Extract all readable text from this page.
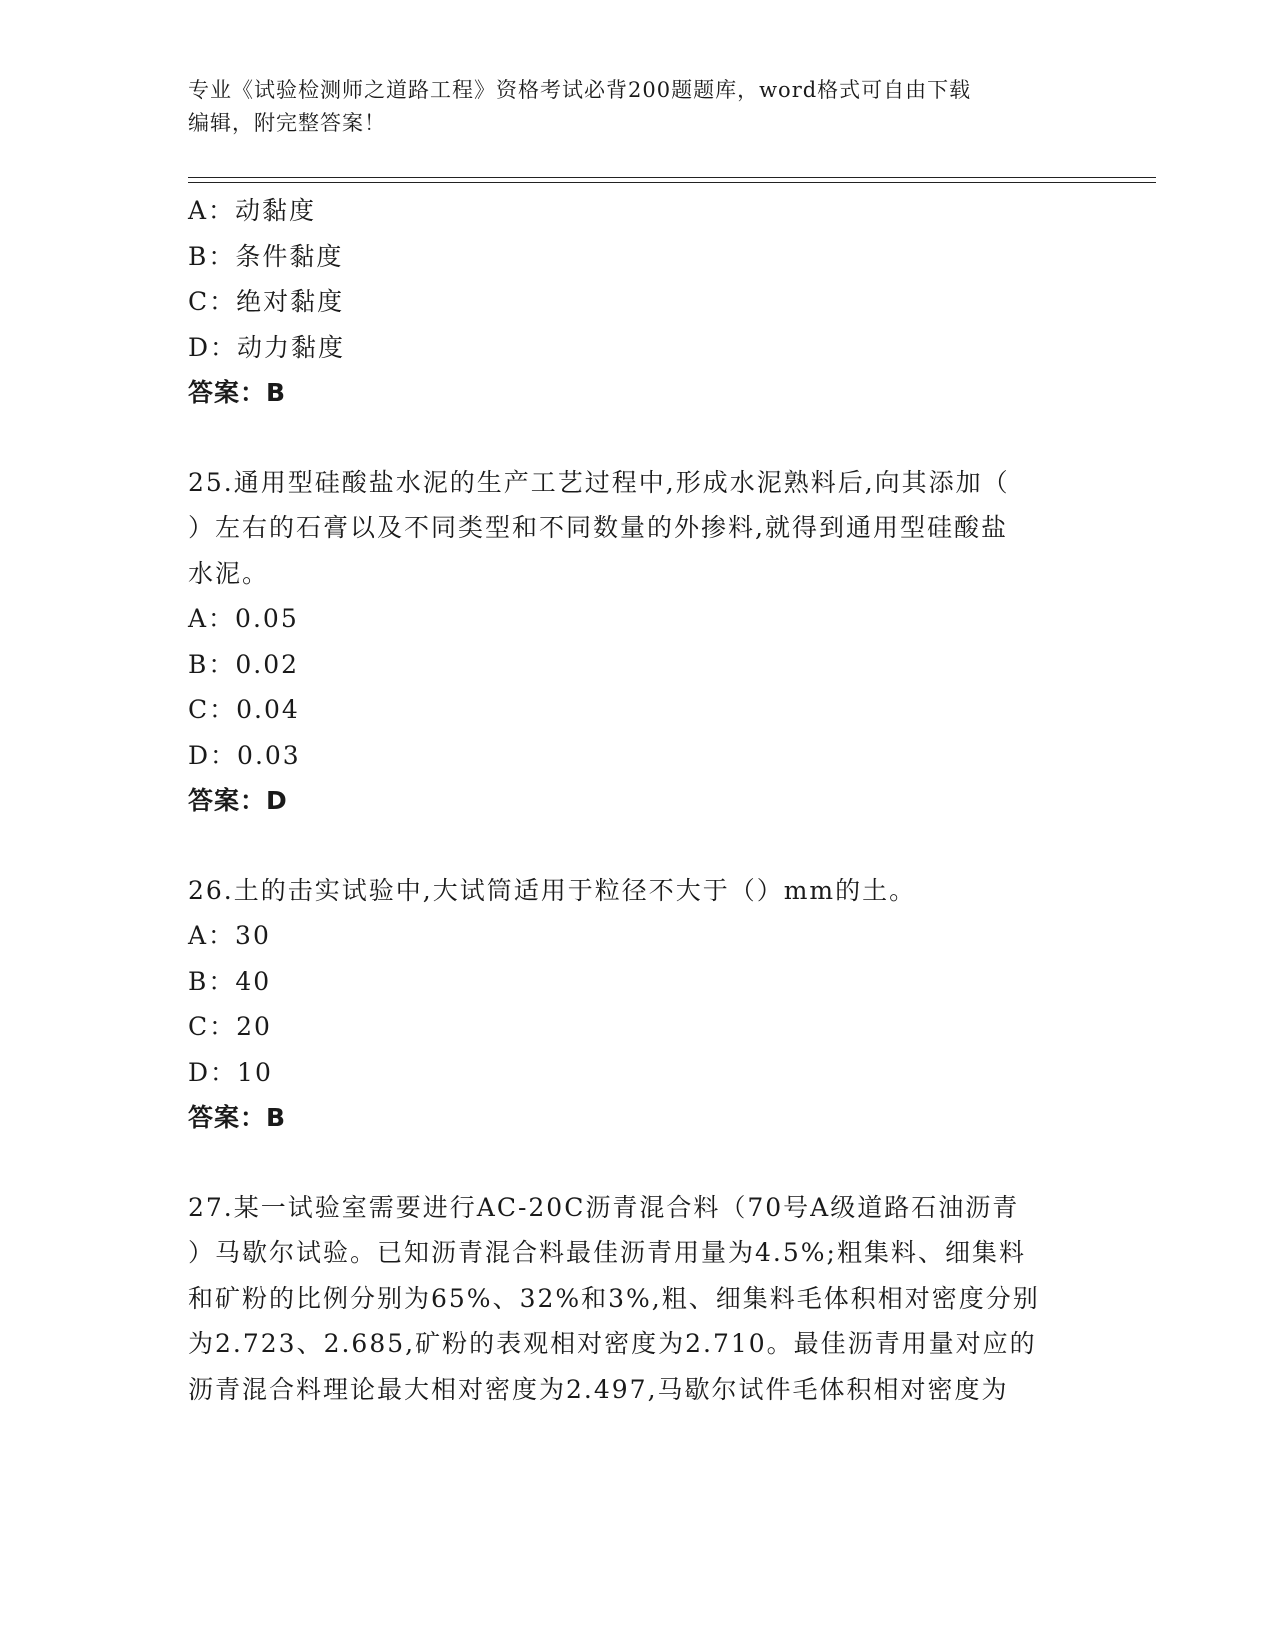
专业《试验检测师之道路工程》资格考试必背200题题库，word格式可自由下载
编辑，附完整答案！
A：动黏度
B：条件黏度
C：绝对黏度
D：动力黏度
答案：B
25.通用型硅酸盐水泥的生产工艺过程中,形成水泥熟料后,向其添加（
）左右的石膏以及不同类型和不同数量的外掺料,就得到通用型硅酸盐
水泥。
A：0.05
B：0.02
C：0.04
D：0.03
答案：D
26.土的击实试验中,大试筒适用于粒径不大于（）mm的土。
A：30
B：40
C：20
D：10
答案：B
27.某一试验室需要进行AC-20C沥青混合料（70号A级道路石油沥青
）马歇尔试验。已知沥青混合料最佳沥青用量为4.5%;粗集料、细集料
和矿粉的比例分别为65%、32%和3%,粗、细集料毛体积相对密度分别
为2.723、2.685,矿粉的表观相对密度为2.710。最佳沥青用量对应的
沥青混合料理论最大相对密度为2.497,马歇尔试件毛体积相对密度为
